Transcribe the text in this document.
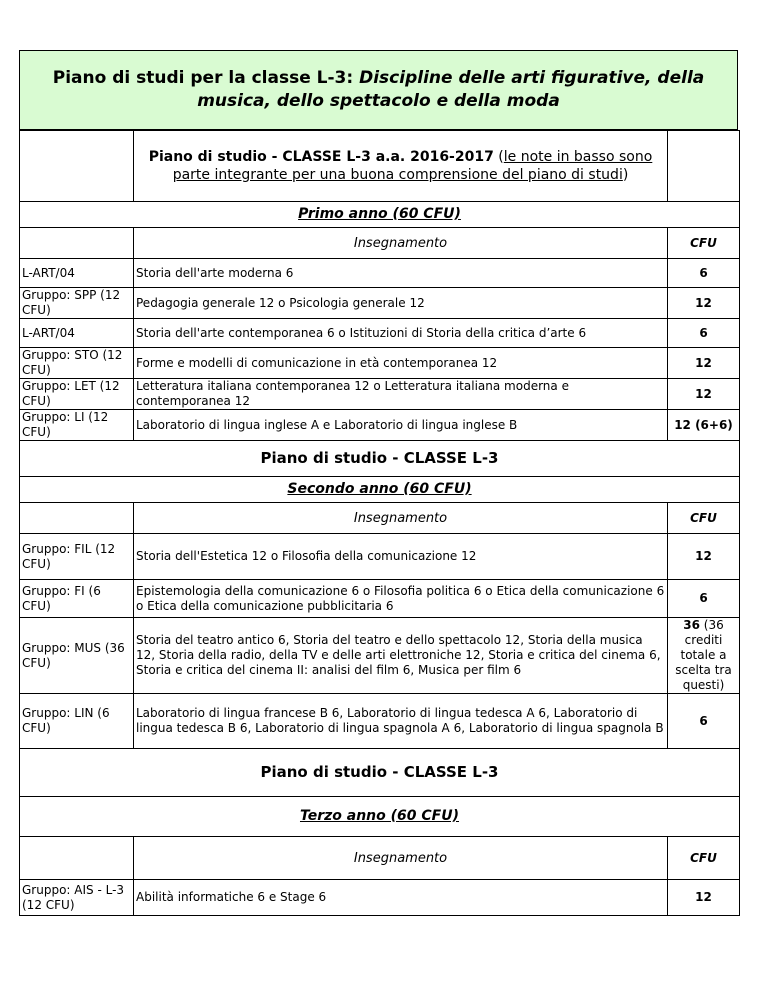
Piano di studi per la classe L-3: Discipline delle arti figurative, della musica, dello spettacolo e della moda
	Piano di studio - CLASSE L-3 a.a. 2016-2017 (le note in basso sono parte integrante per una buona comprensione del piano di studi)	
Primo anno (60 CFU)		
	Insegnamento	CFU
L-ART/04	Storia dell'arte moderna 6	6
Gruppo: SPP (12 CFU)	Pedagogia generale 12 o Psicologia generale 12	12
L-ART/04	Storia dell'arte contemporanea 6 o Istituzioni di Storia della critica d’arte 6	6
Gruppo: STO (12 CFU)	Forme e modelli di comunicazione in età contemporanea 12	12
Gruppo: LET (12 CFU)	Letteratura italiana contemporanea 12 o Letteratura italiana moderna e contemporanea 12	12
Gruppo: LI (12 CFU)	Laboratorio di lingua inglese A e Laboratorio di lingua inglese B	12 (6+6)
Piano di studio - CLASSE L-3		
Secondo anno (60 CFU)		
	Insegnamento	CFU
Gruppo: FIL (12 CFU)	Storia dell'Estetica 12 o Filosofia della comunicazione 12	12
Gruppo: FI (6 CFU)	Epistemologia della comunicazione 6 o Filosofia politica 6 o Etica della comunicazione 6 o Etica della comunicazione pubblicitaria 6	6
Gruppo: MUS (36 CFU)	Storia del teatro antico 6, Storia del teatro e dello spettacolo 12, Storia della musica 12, Storia della radio, della TV e delle arti elettroniche 12, Storia e critica del cinema 6, Storia e critica del cinema II: analisi del film 6, Musica per film 6	36 (36 crediti totale a scelta tra questi)
Gruppo: LIN (6 CFU)	Laboratorio di lingua francese B 6, Laboratorio di lingua tedesca A 6, Laboratorio di lingua tedesca B 6, Laboratorio di lingua spagnola A 6, Laboratorio di lingua spagnola B	6
Piano di studio - CLASSE L-3		
Terzo anno (60 CFU)		
	Insegnamento	CFU
Gruppo: AIS - L-3 (12 CFU)	Abilità informatiche 6 e Stage 6	12
